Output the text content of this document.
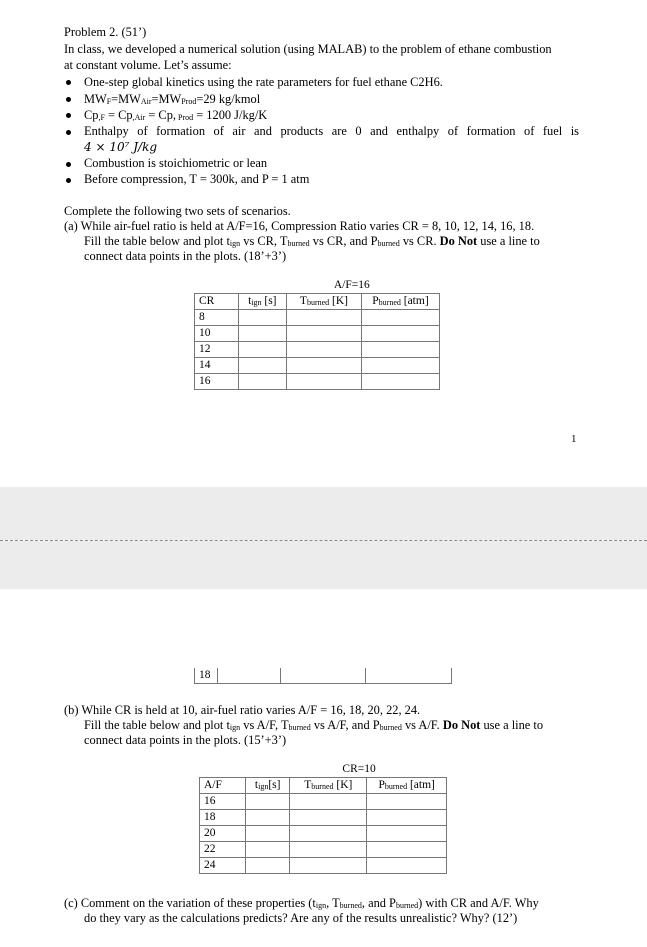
Problem 2. (51’)
In class, we developed a numerical solution (using MALAB) to the problem of ethane combustion
at constant volume. Let’s assume:
One-step global kinetics using the rate parameters for fuel ethane C2H6.
$MW_F=MW_{Air}=MW_{Prod}=29$ kg/kmol
$Cp_{,F} = Cp_{,Air} = Cp$, $_{Prod}$ = 1200 J/kg/K
Enthalpy of formation of air and products are 0 and enthalpy of formation of fuel is
4 × 10⁷ J/kg
Combustion is stoichiometric or lean
Before compression, T = 300k, and P = 1 atm
Complete the following two sets of scenarios.
(a) While air-fuel ratio is held at A/F=16, Compression Ratio varies CR = 8, 10, 12, 14, 16, 18.
Fill the table below and plot $t_{ign}$ vs CR, $T_{burned}$ vs CR, and $P_{burned}$ vs CR. Do Not use a line to
connect data points in the plots. (18’+3’)
	A/F=16		
CR	$t_{ign}$ [s]	$T_{burned}$ [K]	$P_{burned}$ [atm]
8			
10			
12			
14			
16			
1
18			
(b) While CR is held at 10, air-fuel ratio varies A/F = 16, 18, 20, 22, 24.
Fill the table below and plot $t_{ign}$ vs A/F, $T_{burned}$ vs A/F, and $P_{burned}$ vs A/F. Do Not use a line to
connect data points in the plots. (15’+3’)
	CR=10		
A/F	$t_{ign}[s]$	$T_{burned}$ [K]	$P_{burned}$ [atm]
16			
18			
20			
22			
24			
(c) Comment on the variation of these properties ($t_{ign}$, $T_{burned}$, and $P_{burned}$) with CR and A/F. Why
do they vary as the calculations predicts? Are any of the results unrealistic? Why? (12’)
